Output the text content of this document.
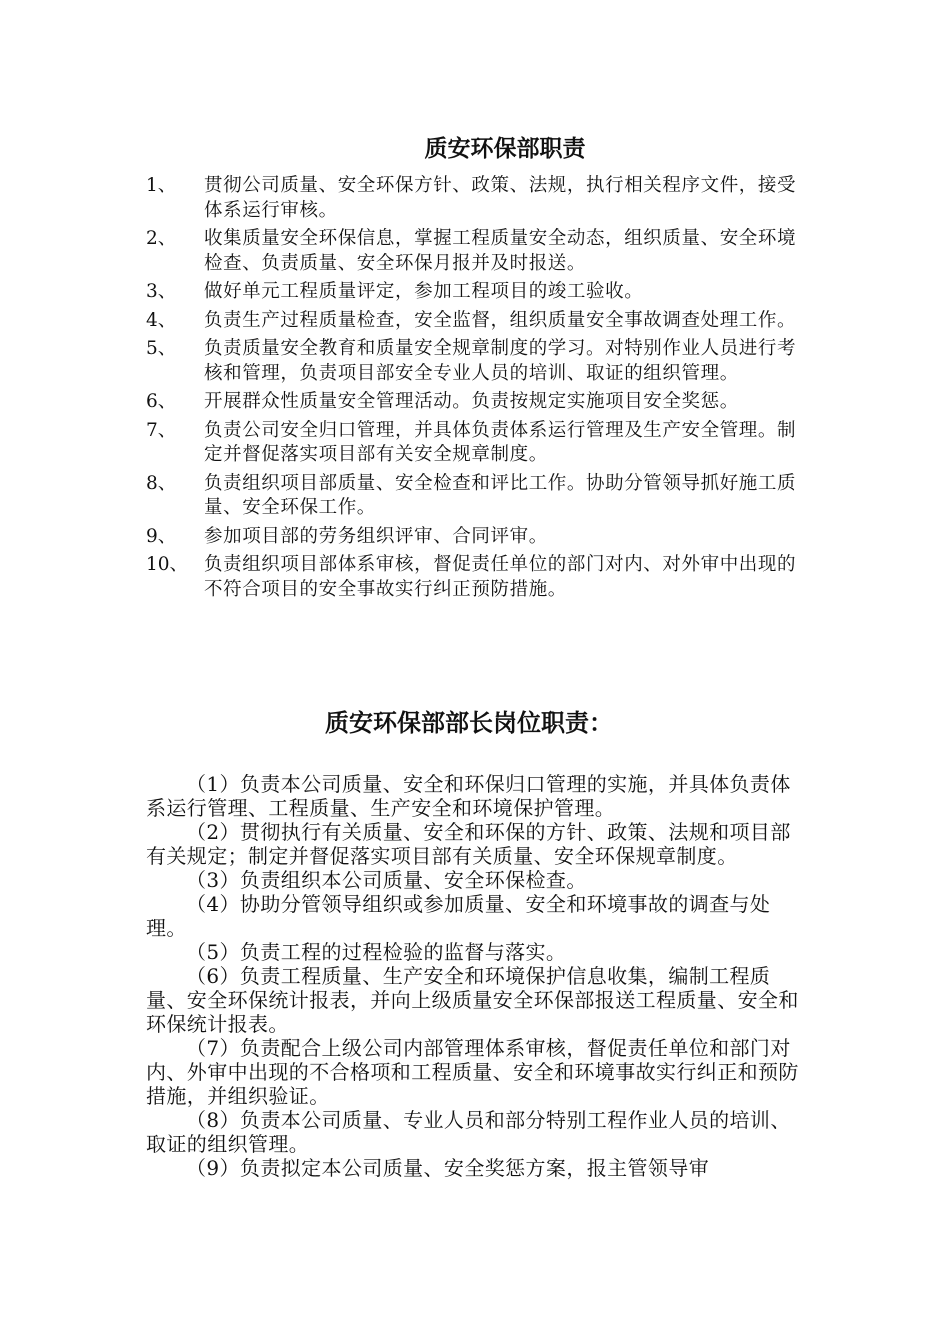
质安环保部职责
1、	贯彻公司质量、安全环保方针、政策、法规，执行相关程序文件，接受体系运行审核。
2、	收集质量安全环保信息，掌握工程质量安全动态，组织质量、安全环境检查、负责质量、安全环保月报并及时报送。
3、	做好单元工程质量评定，参加工程项目的竣工验收。
4、	负责生产过程质量检查，安全监督，组织质量安全事故调查处理工作。
5、	负责质量安全教育和质量安全规章制度的学习。对特别作业人员进行考核和管理，负责项目部安全专业人员的培训、取证的组织管理。
6、	开展群众性质量安全管理活动。负责按规定实施项目安全奖惩。
7、	负责公司安全归口管理，并具体负责体系运行管理及生产安全管理。制定并督促落实项目部有关安全规章制度。
8、	负责组织项目部质量、安全检查和评比工作。协助分管领导抓好施工质量、安全环保工作。
9、	参加项目部的劳务组织评审、合同评审。
10、 负责组织项目部体系审核，督促责任单位的部门对内、对外审中出现的不符合项目的安全事故实行纠正预防措施。
质安环保部部长岗位职责：

（1）负责本公司质量、安全和环保归口管理的实施，并具体负责体系运行管理、工程质量、生产安全和环境保护管理。

（2）贯彻执行有关质量、安全和环保的方针、政策、法规和项目部有关规定；制定并督促落实项目部有关质量、安全环保规章制度。

（3）负责组织本公司质量、安全环保检查。

（4）协助分管领导组织或参加质量、安全和环境事故的调查与处理。

（5）负责工程的过程检验的监督与落实。

（6）负责工程质量、生产安全和环境保护信息收集，编制工程质量、安全环保统计报表，并向上级质量安全环保部报送工程质量、安全和环保统计报表。

（7）负责配合上级公司内部管理体系审核，督促责任单位和部门对内、外审中出现的不合格项和工程质量、安全和环境事故实行纠正和预防措施，并组织验证。

（8）负责本公司质量、专业人员和部分特别工程作业人员的培训、取证的组织管理。

（9）负责拟定本公司质量、安全奖惩方案，报主管领导审
